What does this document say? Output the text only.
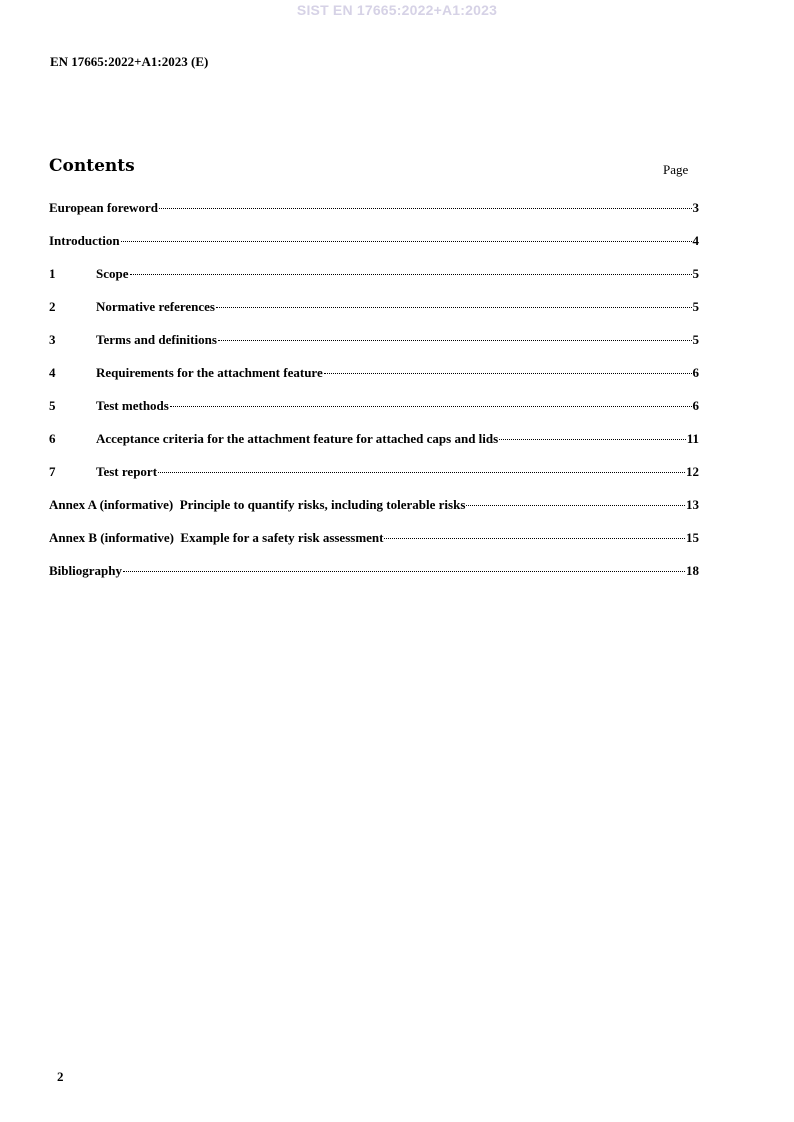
SIST EN 17665:2022+A1:2023
EN 17665:2022+A1:2023 (E)
Contents	Page
European foreword	3
Introduction	4
1	Scope	5
2	Normative references	5
3	Terms and definitions	5
4	Requirements for the attachment feature	6
5	Test methods	6
6	Acceptance criteria for the attachment feature for attached caps and lids	11
7	Test report	12
Annex A (informative)  Principle to quantify risks, including tolerable risks	13
Annex B (informative)  Example for a safety risk assessment	15
Bibliography	18
2
